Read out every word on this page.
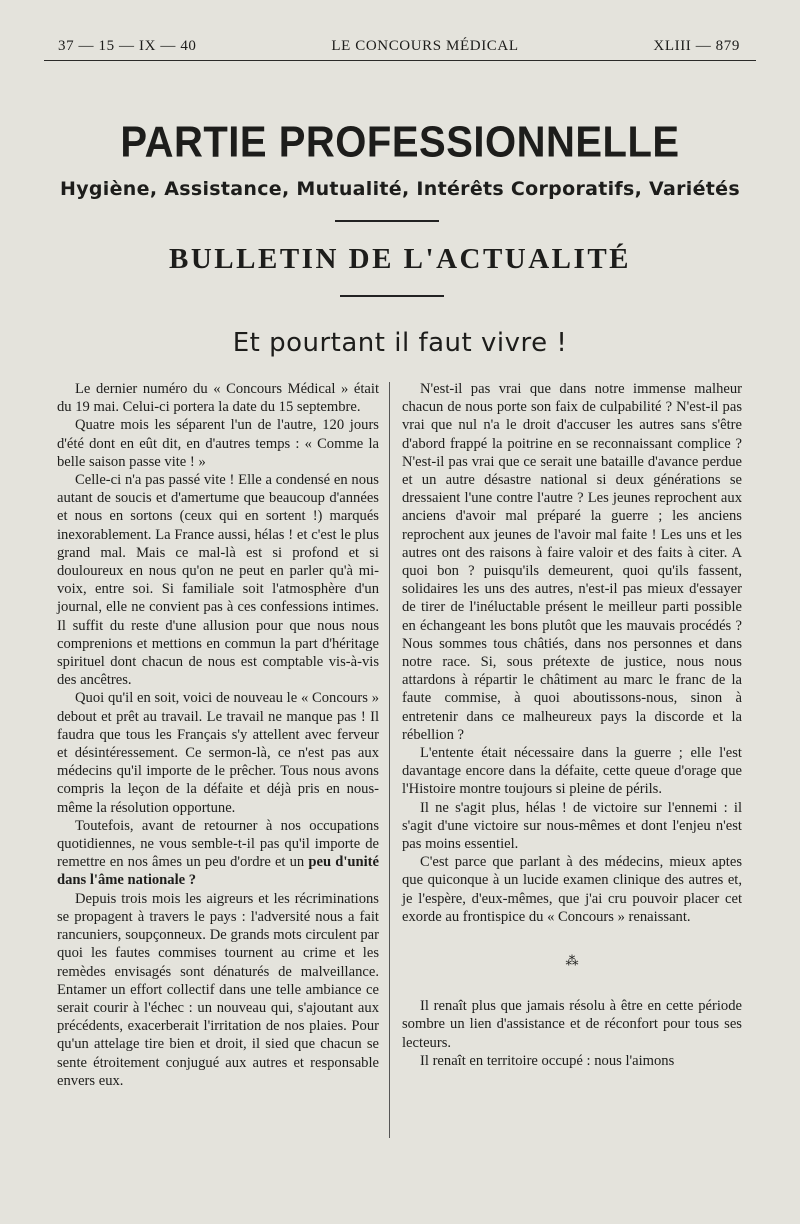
37 — 15 — IX — 40	LE CONCOURS MÉDICAL	XLIII — 879
PARTIE PROFESSIONNELLE
Hygiène, Assistance, Mutualité, Intérêts Corporatifs, Variétés
BULLETIN DE L'ACTUALITÉ
Et pourtant il faut vivre !

Le dernier numéro du « Concours Médical » était du 19 mai. Celui-ci portera la date du 15 septembre.

Quatre mois les séparent l'un de l'autre, 120 jours d'été dont en eût dit, en d'autres temps : « Comme la belle saison passe vite ! »

Celle-ci n'a pas passé vite ! Elle a condensé en nous autant de soucis et d'amertume que beaucoup d'années et nous en sortons (ceux qui en sortent !) marqués inexorablement. La France aussi, hélas ! et c'est le plus grand mal. Mais ce mal-là est si profond et si douloureux en nous qu'on ne peut en parler qu'à mi-voix, entre soi. Si familiale soit l'atmosphère d'un journal, elle ne convient pas à ces confessions intimes. Il suffit du reste d'une allusion pour que nous nous comprenions et mettions en commun la part d'héritage spirituel dont chacun de nous est comptable vis-à-vis des ancêtres.

Quoi qu'il en soit, voici de nouveau le « Concours » debout et prêt au travail. Le travail ne manque pas ! Il faudra que tous les Français s'y attellent avec ferveur et désintéressement. Ce sermon-là, ce n'est pas aux médecins qu'il importe de le prêcher. Tous nous avons compris la leçon de la défaite et déjà pris en nous-même la résolution opportune.

Toutefois, avant de retourner à nos occupations quotidiennes, ne vous semble-t-il pas qu'il importe de remettre en nos âmes un peu d'ordre et un peu d'unité dans l'âme nationale ?

Depuis trois mois les aigreurs et les récriminations se propagent à travers le pays : l'adversité nous a fait rancuniers, soupçonneux. De grands mots circulent par quoi les fautes commises tournent au crime et les remèdes envisagés sont dénaturés de malveillance. Entamer un effort collectif dans une telle ambiance ce serait courir à l'échec : un nouveau qui, s'ajoutant aux précédents, exacerberait l'irritation de nos plaies. Pour qu'un attelage tire bien et droit, il sied que chacun se sente étroitement conjugué aux autres et responsable envers eux.

N'est-il pas vrai que dans notre immense malheur chacun de nous porte son faix de culpabilité ? N'est-il pas vrai que nul n'a le droit d'accuser les autres sans s'être d'abord frappé la poitrine en se reconnaissant complice ? N'est-il pas vrai que ce serait une bataille d'avance perdue et un autre désastre national si deux générations se dressaient l'une contre l'autre ? Les jeunes reprochent aux anciens d'avoir mal préparé la guerre ; les anciens reprochent aux jeunes de l'avoir mal faite ! Les uns et les autres ont des raisons à faire valoir et des faits à citer. A quoi bon ? puisqu'ils demeurent, quoi qu'ils fassent, solidaires les uns des autres, n'est-il pas mieux d'essayer de tirer de l'inéluctable présent le meilleur parti possible en échangeant les bons plutôt que les mauvais procédés ? Nous sommes tous châtiés, dans nos personnes et dans notre race. Si, sous prétexte de justice, nous nous attardons à répartir le châtiment au marc le franc de la faute commise, à quoi aboutissons-nous, sinon à entretenir dans ce malheureux pays la discorde et la rébellion ?

L'entente était nécessaire dans la guerre ; elle l'est davantage encore dans la défaite, cette queue d'orage que l'Histoire montre toujours si pleine de périls.

Il ne s'agit plus, hélas ! de victoire sur l'ennemi : il s'agit d'une victoire sur nous-mêmes et dont l'enjeu n'est pas moins essentiel.

C'est parce que parlant à des médecins, mieux aptes que quiconque à un lucide examen clinique des autres et, je l'espère, d'eux-mêmes, que j'ai cru pouvoir placer cet exorde au frontispice du « Concours » renaissant.

⁂

Il renaît plus que jamais résolu à être en cette période sombre un lien d'assistance et de réconfort pour tous ses lecteurs.

Il renaît en territoire occupé : nous l'aimons
